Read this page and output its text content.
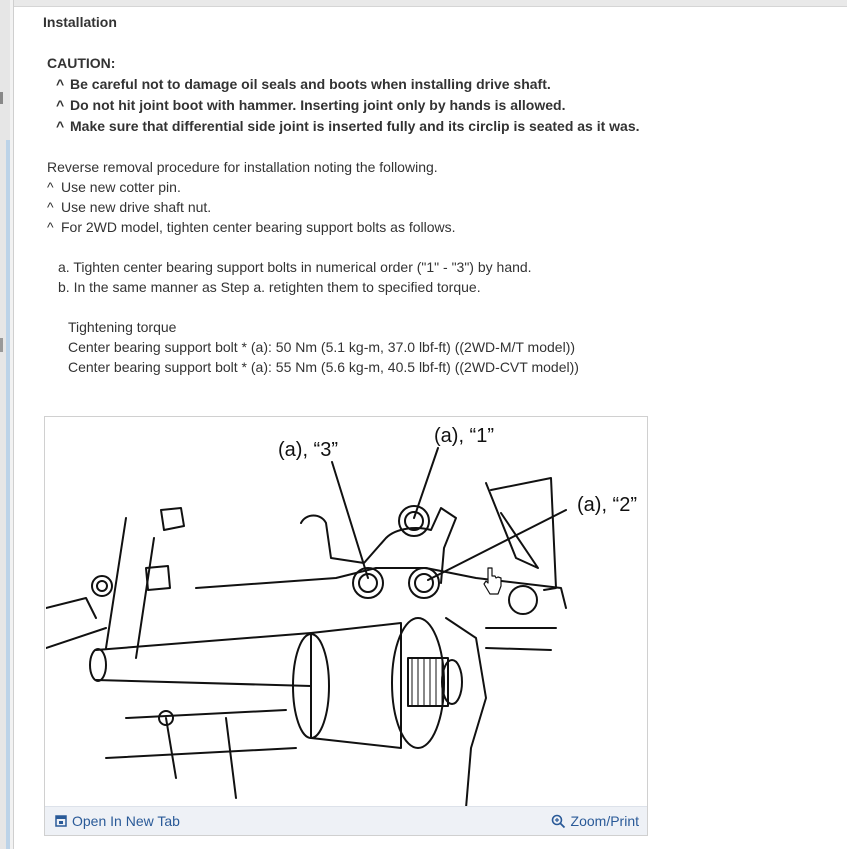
Installation
CAUTION:
^ Be careful not to damage oil seals and boots when installing drive shaft.
^ Do not hit joint boot with hammer. Inserting joint only by hands is allowed.
^ Make sure that differential side joint is inserted fully and its circlip is seated as it was.
Reverse removal procedure for installation noting the following.
^ Use new cotter pin.
^ Use new drive shaft nut.
^ For 2WD model, tighten center bearing support bolts as follows.
a. Tighten center bearing support bolts in numerical order ("1" - "3") by hand.
b. In the same manner as Step a. retighten them to specified torque.
Tightening torque
Center bearing support bolt * (a): 50 Nm (5.1 kg-m, 37.0 lbf-ft) ((2WD-M/T model))
Center bearing support bolt * (a): 55 Nm (5.6 kg-m, 40.5 lbf-ft) ((2WD-CVT model))
(a), “3”
(a), “1”
(a), “2”
Open In New Tab	Zoom/Print
